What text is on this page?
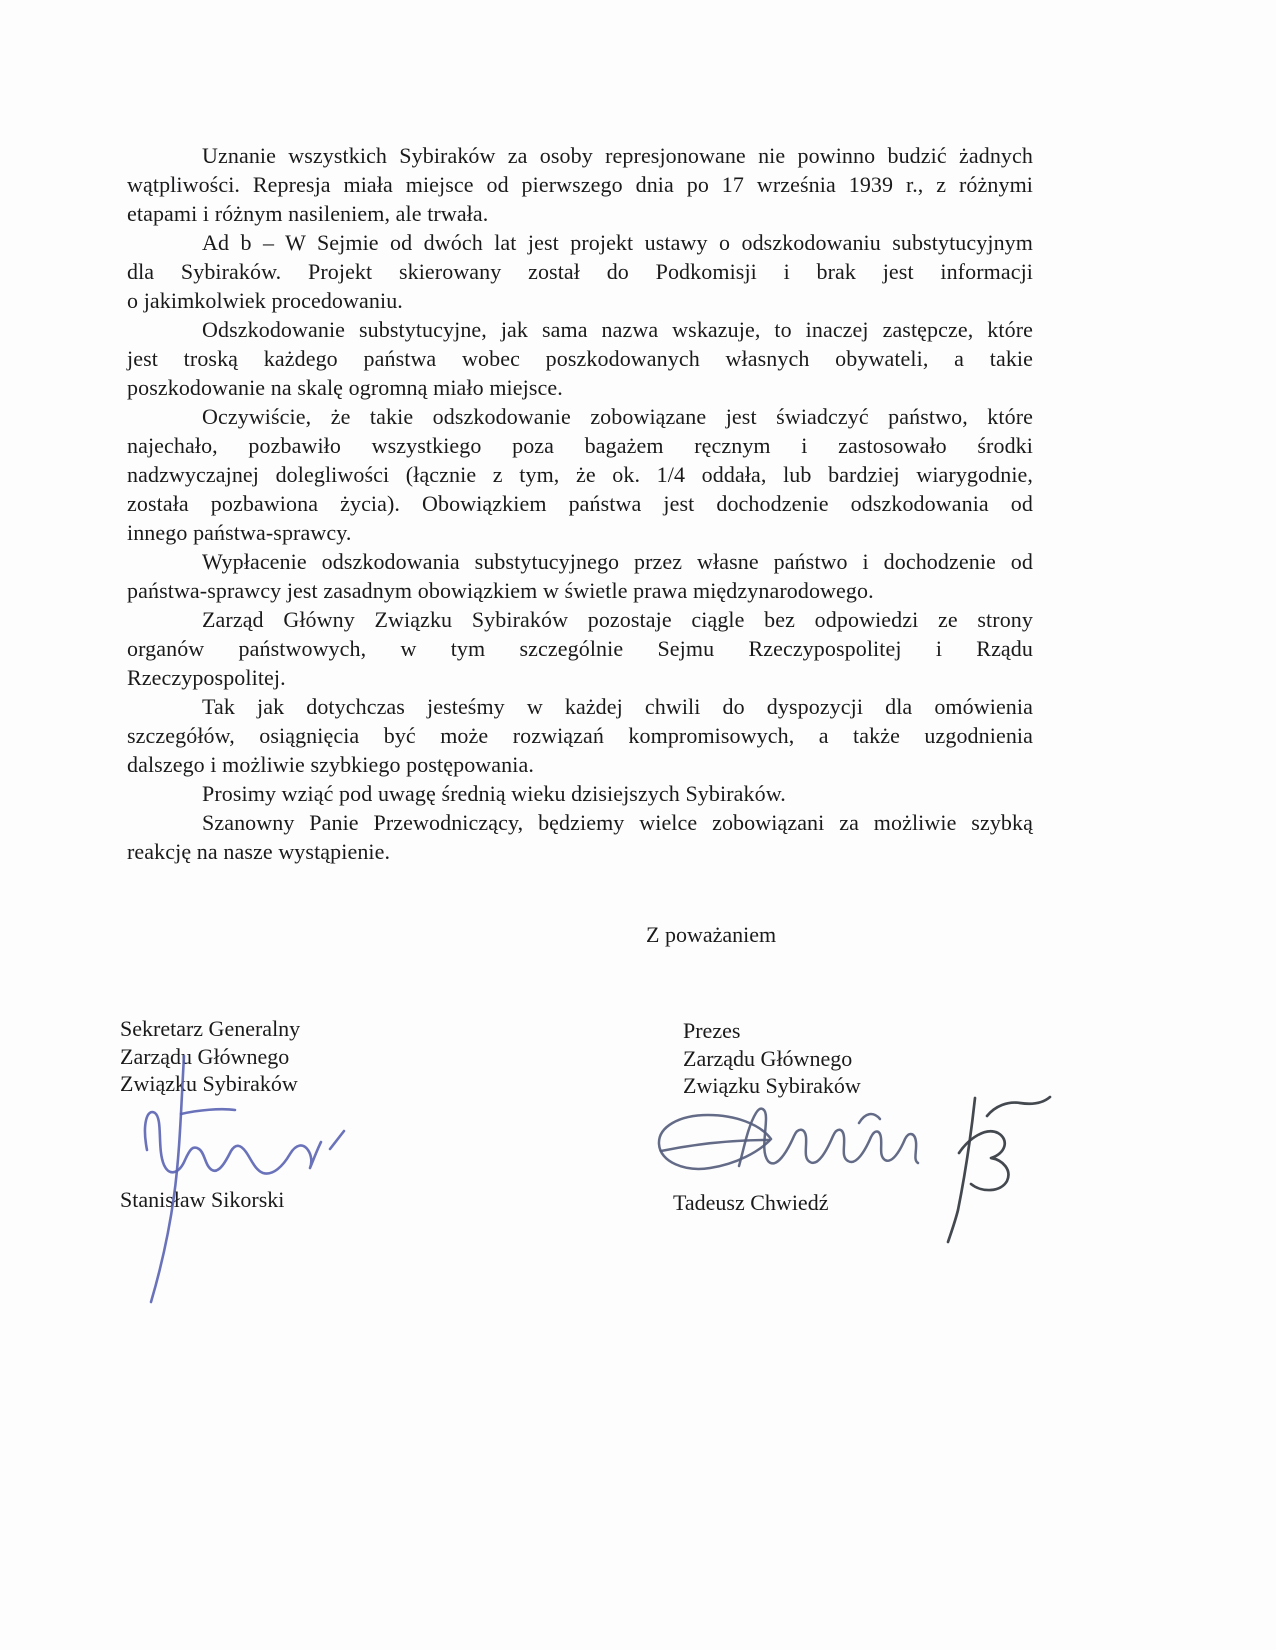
Uznanie wszystkich Sybiraków za osoby represjonowane nie powinno budzić żadnych
wątpliwości. Represja miała miejsce od pierwszego dnia po 17 września 1939 r., z różnymi
etapami i różnym nasileniem, ale trwała.
Ad b – W Sejmie od dwóch lat jest projekt ustawy o odszkodowaniu substytucyjnym
dla Sybiraków. Projekt skierowany został do Podkomisji i brak jest informacji
o jakimkolwiek procedowaniu.
Odszkodowanie substytucyjne, jak sama nazwa wskazuje, to inaczej zastępcze, które
jest troską każdego państwa wobec poszkodowanych własnych obywateli, a takie
poszkodowanie na skalę ogromną miało miejsce.
Oczywiście, że takie odszkodowanie zobowiązane jest świadczyć państwo, które
najechało, pozbawiło wszystkiego poza bagażem ręcznym i zastosowało środki
nadzwyczajnej dolegliwości (łącznie z tym, że ok. 1/4 oddała, lub bardziej wiarygodnie,
została pozbawiona życia). Obowiązkiem państwa jest dochodzenie odszkodowania od
innego państwa-sprawcy.
Wypłacenie odszkodowania substytucyjnego przez własne państwo i dochodzenie od
państwa-sprawcy jest zasadnym obowiązkiem w świetle prawa międzynarodowego.
Zarząd Główny Związku Sybiraków pozostaje ciągle bez odpowiedzi ze strony
organów państwowych, w tym szczególnie Sejmu Rzeczypospolitej i Rządu
Rzeczypospolitej.
Tak jak dotychczas jesteśmy w każdej chwili do dyspozycji dla omówienia
szczegółów, osiągnięcia być może rozwiązań kompromisowych, a także uzgodnienia
dalszego i możliwie szybkiego postępowania.
Prosimy wziąć pod uwagę średnią wieku dzisiejszych Sybiraków.
Szanowny Panie Przewodniczący, będziemy wielce zobowiązani za możliwie szybką
reakcję na nasze wystąpienie.
Z poważaniem
Sekretarz Generalny
Zarządu Głównego
Związku Sybiraków
Prezes
Zarządu Głównego
Związku Sybiraków
Stanisław Sikorski	Tadeusz Chwiedź
